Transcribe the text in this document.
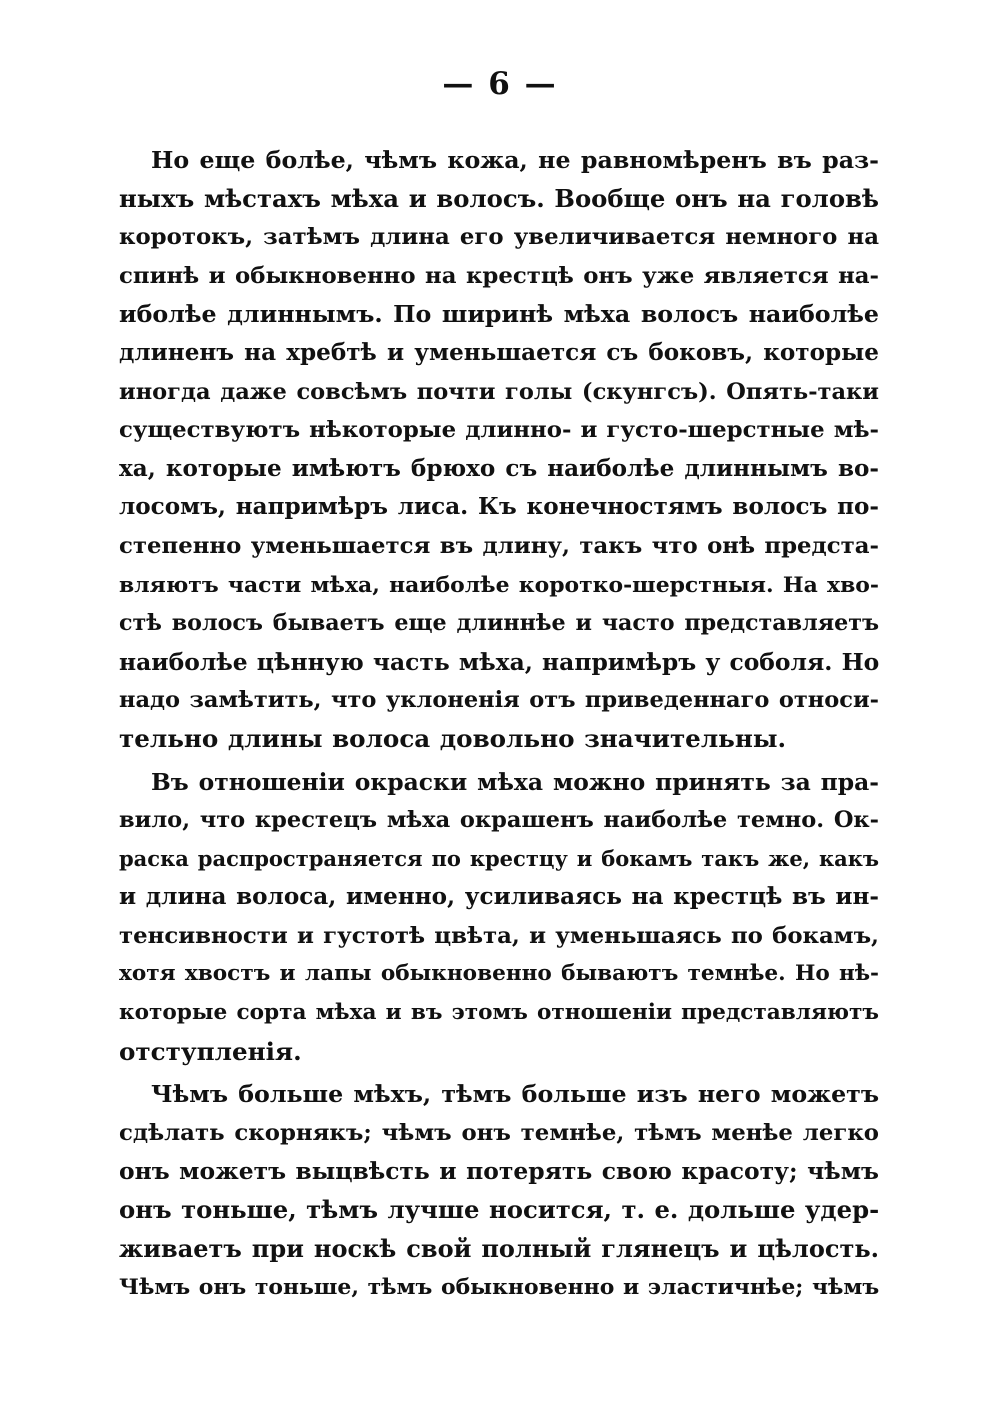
— 6 —
Но еще болѣе, чѣмъ кожа, не равномѣренъ въ раз-
ныхъ мѣстахъ мѣха и волосъ. Вообще онъ на головѣ
коротокъ, затѣмъ длина его увеличивается немного на
спинѣ и обыкновенно на крестцѣ онъ уже является на-
иболѣе длиннымъ. По ширинѣ мѣха волосъ наиболѣе
длиненъ на хребтѣ и уменьшается съ боковъ, которые
иногда даже совсѣмъ почти голы (скунгсъ). Опять-таки
существуютъ нѣкоторые длинно- и густо-шерстные мѣ-
ха, которые имѣютъ брюхо съ наиболѣе длиннымъ во-
лосомъ, напримѣръ лиса. Къ конечностямъ волосъ по-
степенно уменьшается въ длину, такъ что онѣ предста-
вляютъ части мѣха, наиболѣе коротко-шерстныя. На хво-
стѣ волосъ бываетъ еще длиннѣе и часто представляетъ
наиболѣе цѣнную часть мѣха, напримѣръ у соболя. Но
надо замѣтить, что уклоненія отъ приведеннаго относи-
тельно длины волоса довольно значительны.
Въ отношеніи окраски мѣха можно принять за пра-
вило, что крестецъ мѣха окрашенъ наиболѣе темно. Ок-
раска распространяется по крестцу и бокамъ такъ же, какъ
и длина волоса, именно, усиливаясь на крестцѣ въ ин-
тенсивности и густотѣ цвѣта, и уменьшаясь по бокамъ,
хотя хвостъ и лапы обыкновенно бываютъ темнѣе. Но нѣ-
которые сорта мѣха и въ этомъ отношеніи представляютъ
отступленія.
Чѣмъ больше мѣхъ, тѣмъ больше изъ него можетъ
сдѣлать скорнякъ; чѣмъ онъ темнѣе, тѣмъ менѣе легко
онъ можетъ выцвѣсть и потерять свою красоту; чѣмъ
онъ тоньше, тѣмъ лучше носится, т. е. дольше удер-
живаетъ при носкѣ свой полный глянецъ и цѣлость.
Чѣмъ онъ тоньше, тѣмъ обыкновенно и эластичнѣе; чѣмъ
